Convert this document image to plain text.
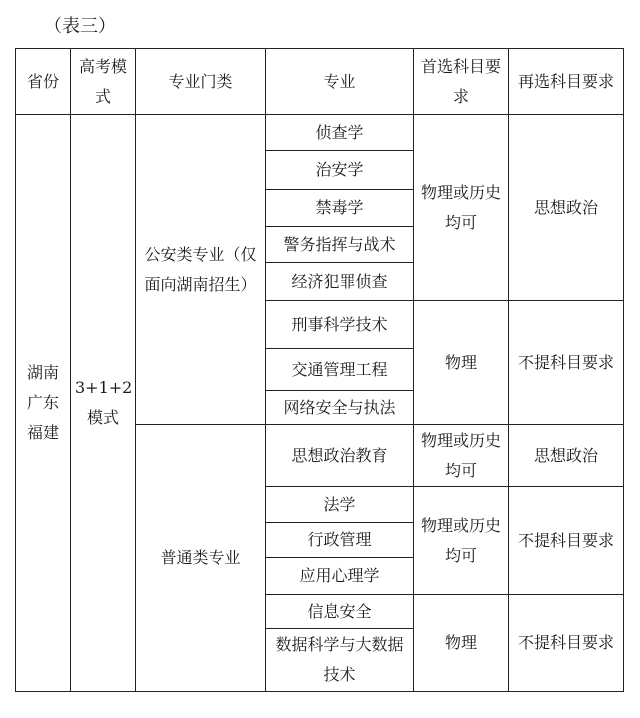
（表三）
省份	高考模式	专业门类	专业	首选科目要求	再选科目要求
湖南广东福建	3+1+2模式	公安类专业（仅面向湖南招生）	侦查学	物理或历史均可	思想政治
			治安学		
			禁毒学		
			警务指挥与战术		
			经济犯罪侦查		
			刑事科学技术	物理	不提科目要求
			交通管理工程		
			网络安全与执法		
		普通类专业	思想政治教育	物理或历史均可	思想政治
			法学	物理或历史均可	不提科目要求
			行政管理		
			应用心理学		
			信息安全	物理	不提科目要求
			数据科学与大数据技术		
